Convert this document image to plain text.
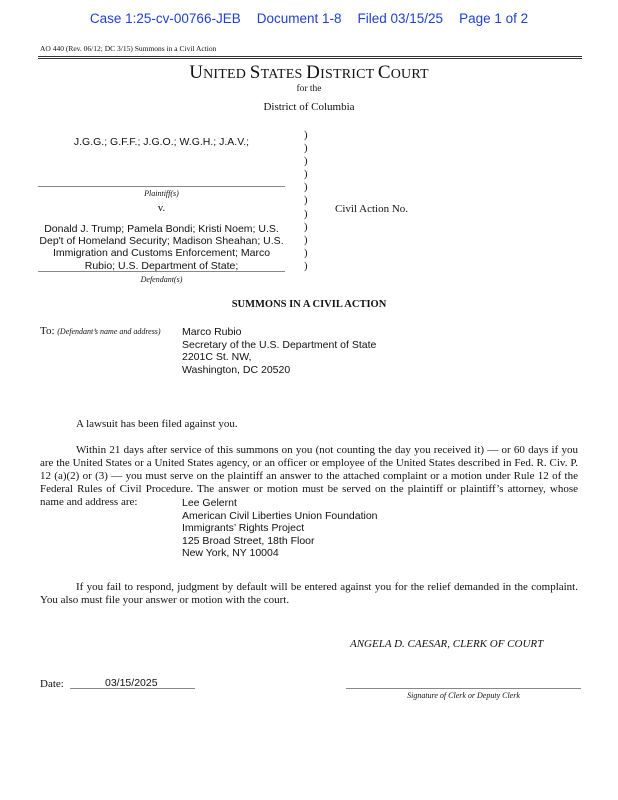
Case 1:25-cv-00766-JEB Document 1-8 Filed 03/15/25 Page 1 of 2
AO 440 (Rev. 06/12; DC 3/15) Summons in a Civil Action
UNITED STATES DISTRICT COURT
for the
District of Columbia
J.G.G.; G.F.F.; J.G.O.; W.G.H.; J.A.V.;
Plaintiff(s)
v.
Donald J. Trump; Pamela Bondi; Kristi Noem; U.S.
Dep't of Homeland Security; Madison Sheahan; U.S.
Immigration and Customs Enforcement; Marco
Rubio; U.S. Department of State;
Defendant(s)
)
)
)
)
)
)
)
)
)
)
)
Civil Action No.
SUMMONS IN A CIVIL ACTION
To: (Defendant’s name and address) Marco Rubio
Secretary of the U.S. Department of State
2201C St. NW,
Washington, DC 20520
A lawsuit has been filed against you.
Within 21 days after service of this summons on you (not counting the day you received it) — or 60 days if you are the United States or a United States agency, or an officer or employee of the United States described in Fed. R. Civ. P. 12 (a)(2) or (3) — you must serve on the plaintiff an answer to the attached complaint or a motion under Rule 12 of the Federal Rules of Civil Procedure. The answer or motion must be served on the plaintiff or plaintiff’s attorney, whose name and address are:	Lee Gelernt
American Civil Liberties Union Foundation
Immigrants’ Rights Project
125 Broad Street, 18th Floor
New York, NY 10004
If you fail to respond, judgment by default will be entered against you for the relief demanded in the complaint. You also must file your answer or motion with the court.
ANGELA D. CAESAR, CLERK OF COURT
Date:	03/15/2025
Signature of Clerk or Deputy Clerk
